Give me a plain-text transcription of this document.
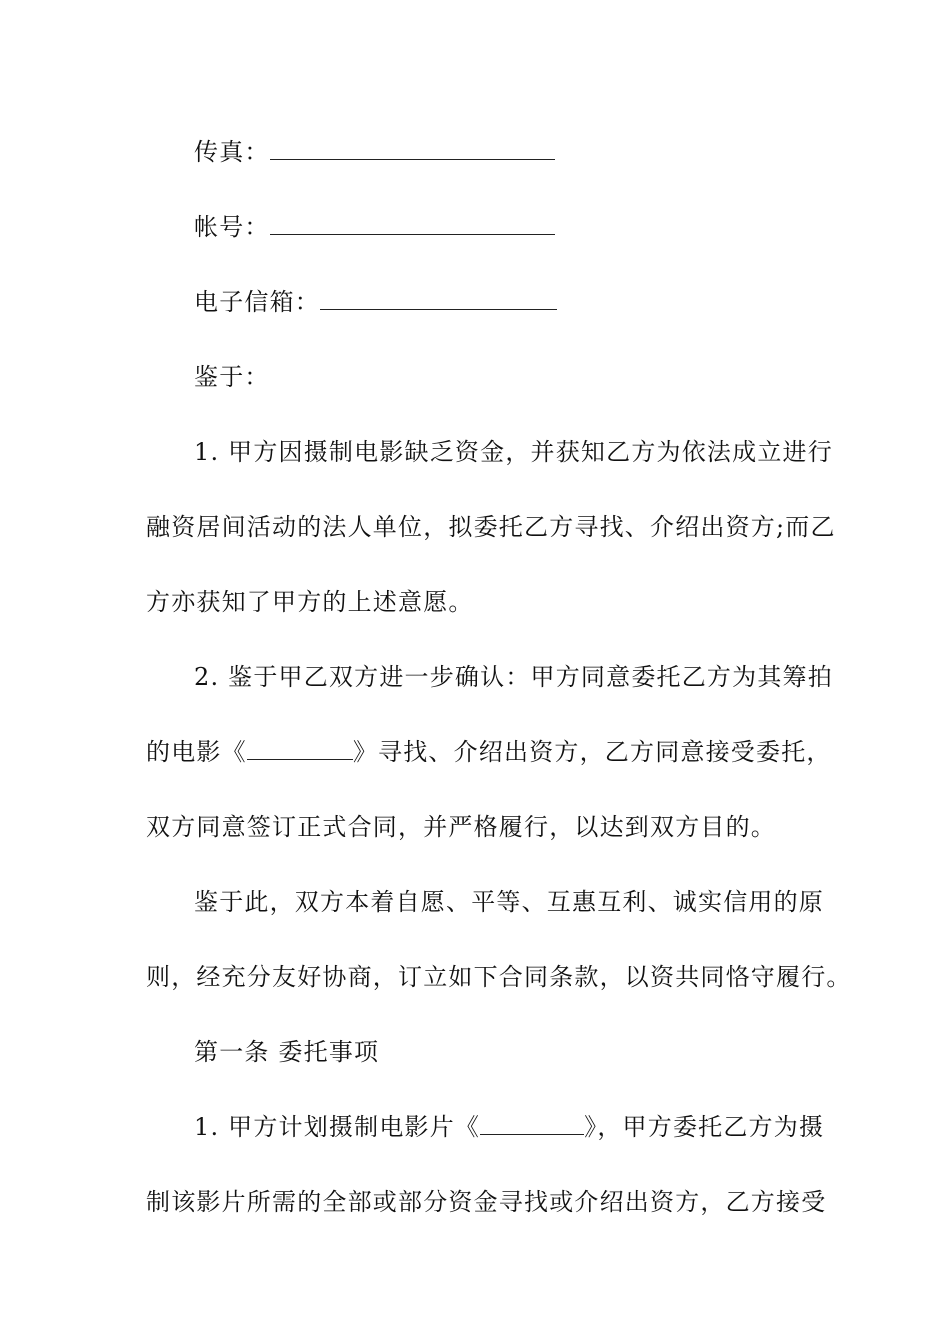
传真：
帐号：
电子信箱：
鉴于：
1. 甲方因摄制电影缺乏资金，并获知乙方为依法成立进行
融资居间活动的法人单位，拟委托乙方寻找、介绍出资方;而乙
方亦获知了甲方的上述意愿。
2. 鉴于甲乙双方进一步确认：甲方同意委托乙方为其筹拍
的电影《	》寻找、介绍出资方，乙方同意接受委托，
双方同意签订正式合同，并严格履行，以达到双方目的。
鉴于此，双方本着自愿、平等、互惠互利、诚实信用的原
则，经充分友好协商，订立如下合同条款，以资共同恪守履行。
第一条 委托事项
1. 甲方计划摄制电影片《	》，甲方委托乙方为摄
制该影片所需的全部或部分资金寻找或介绍出资方，乙方接受
